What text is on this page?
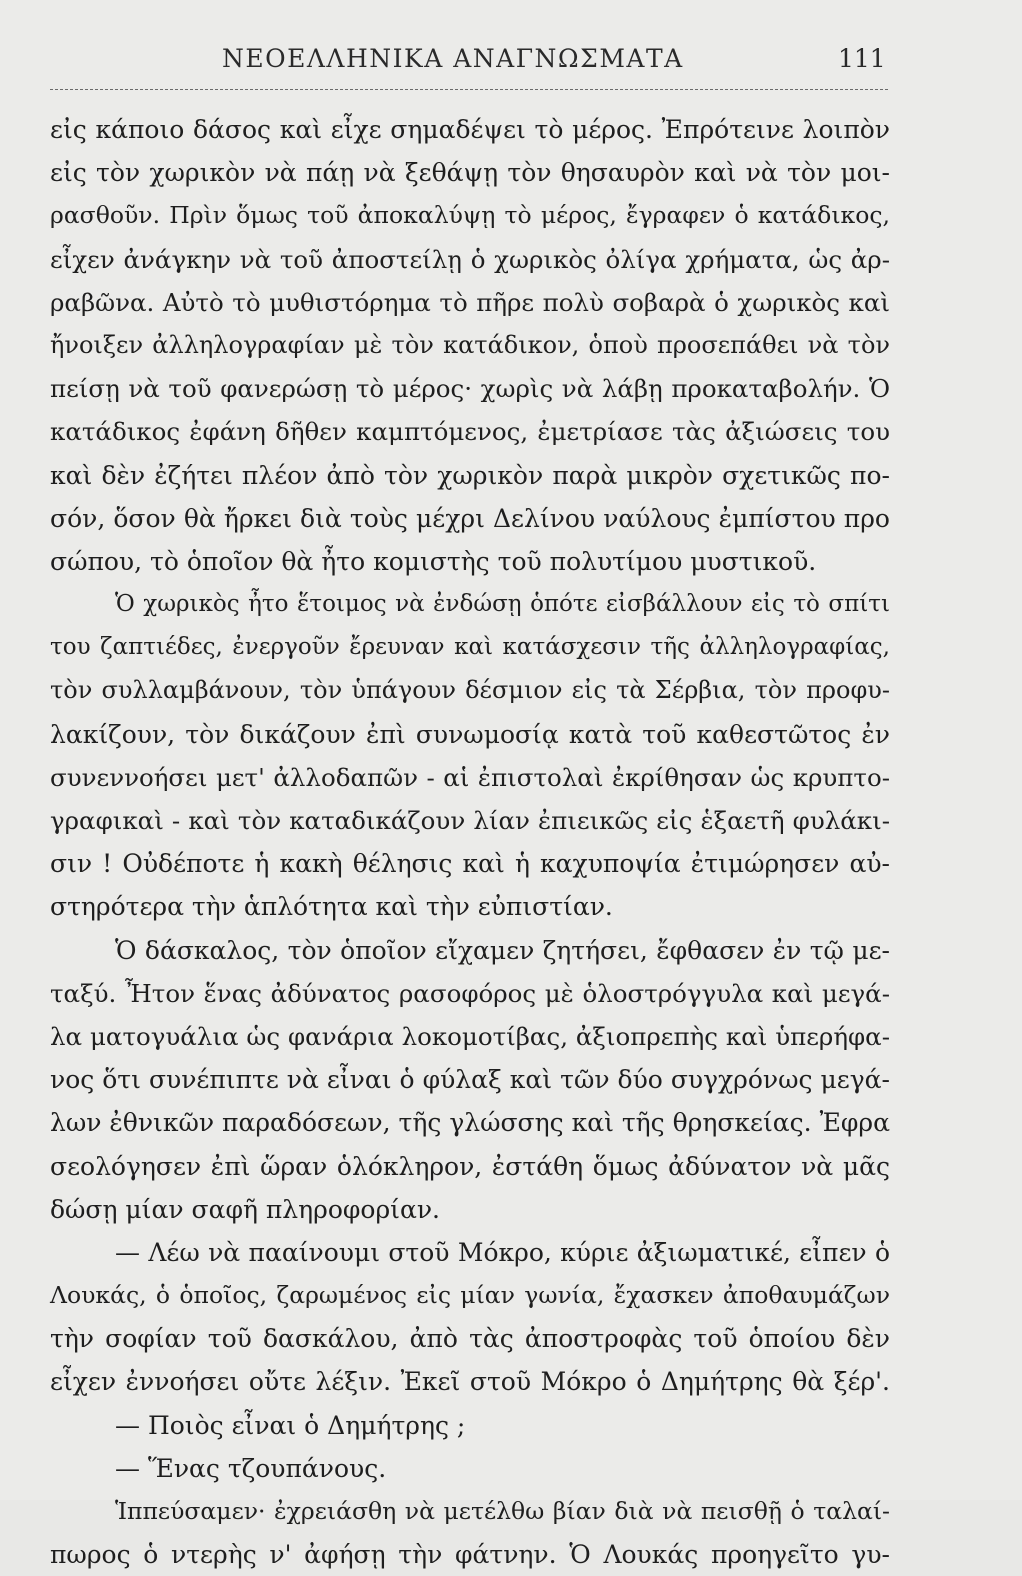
ΝΕΟΕΛΛΗΝΙΚΑ ΑΝΑΓΝΩΣΜΑΤΑ	111
εἰς κάποιο δάσος καὶ εἶχε σημαδέψει τὸ μέρος. Ἐπρότεινε λοιπὸν
εἰς τὸν χωρικὸν νὰ πάῃ νὰ ξεθάψῃ τὸν θησαυρὸν καὶ νὰ τὸν μοι-
ρασθοῦν. Πρὶν ὅμως τοῦ ἀποκαλύψῃ τὸ μέρος, ἔγραφεν ὁ κατάδικος,
εἶχεν ἀνάγκην νὰ τοῦ ἀποστείλῃ ὁ χωρικὸς ὀλίγα χρήματα, ὡς ἀρ-
ραβῶνα. Αὐτὸ τὸ μυθιστόρημα τὸ πῆρε πολὺ σοβαρὰ ὁ χωρικὸς καὶ
ἤνοιξεν ἀλληλογραφίαν μὲ τὸν κατάδικον, ὁποὺ προσεπάθει νὰ τὸν
πείσῃ νὰ τοῦ φανερώσῃ τὸ μέρος· χωρὶς νὰ λάβῃ προκαταβολήν. Ὁ
κατάδικος ἐφάνη δῆθεν καμπτόμενος, ἐμετρίασε τὰς ἀξιώσεις του
καὶ δὲν ἐζήτει πλέον ἀπὸ τὸν χωρικὸν παρὰ μικρὸν σχετικῶς πο-
σόν, ὅσον θὰ ἤρκει διὰ τοὺς μέχρι Δελίνου ναύλους ἐμπίστου προ
σώπου, τὸ ὁποῖον θὰ ἦτο κομιστὴς τοῦ πολυτίμου μυστικοῦ.
Ὁ χωρικὸς ἦτο ἕτοιμος νὰ ἐνδώσῃ ὁπότε εἰσβάλλουν εἰς τὸ σπίτι
του ζαπτιέδες, ἐνεργοῦν ἔρευναν καὶ κατάσχεσιν τῆς ἀλληλογραφίας,
τὸν συλλαμβάνουν, τὸν ὑπάγουν δέσμιον εἰς τὰ Σέρβια, τὸν προφυ-
λακίζουν, τὸν δικάζουν ἐπὶ συνωμοσίᾳ κατὰ τοῦ καθεστῶτος ἐν
συνεννοήσει μετ' ἀλλοδαπῶν - αἱ ἐπιστολαὶ ἐκρίθησαν ὡς κρυπτο-
γραφικαὶ - καὶ τὸν καταδικάζουν λίαν ἐπιεικῶς εἰς ἑξαετῆ φυλάκι-
σιν ! Οὐδέποτε ἡ κακὴ θέλησις καὶ ἡ καχυποψία ἐτιμώρησεν αὐ-
στηρότερα τὴν ἁπλότητα καὶ τὴν εὐπιστίαν.
Ὁ δάσκαλος, τὸν ὁποῖον εἴχαμεν ζητήσει, ἔφθασεν ἐν τῷ με-
ταξύ. Ἦτον ἕνας ἀδύνατος ρασοφόρος μὲ ὁλοστρόγγυλα καὶ μεγά-
λα ματογυάλια ὡς φανάρια λοκομοτίβας, ἀξιοπρεπὴς καὶ ὑπερήφα-
νος ὅτι συνέπιπτε νὰ εἶναι ὁ φύλαξ καὶ τῶν δύο συγχρόνως μεγά-
λων ἐθνικῶν παραδόσεων, τῆς γλώσσης καὶ τῆς θρησκείας. Ἐφρα
σεολόγησεν ἐπὶ ὥραν ὁλόκληρον, ἐστάθη ὅμως ἀδύνατον νὰ μᾶς
δώσῃ μίαν σαφῆ πληροφορίαν.
— Λέω νὰ πααίνουμι στοῦ Μόκρο, κύριε ἀξιωματικέ, εἶπεν ὁ
Λουκάς, ὁ ὁποῖος, ζαρωμένος εἰς μίαν γωνία, ἔχασκεν ἀποθαυμάζων
τὴν σοφίαν τοῦ δασκάλου, ἀπὸ τὰς ἀποστροφὰς τοῦ ὁποίου δὲν
εἶχεν ἐννοήσει οὔτε λέξιν. Ἐκεῖ στοῦ Μόκρο ὁ Δημήτρης θὰ ξέρ'.
— Ποιὸς εἶναι ὁ Δημήτρης ;
— Ἕνας τζουπάνους.
Ἱππεύσαμεν· ἐχρειάσθη νὰ μετέλθω βίαν διὰ νὰ πεισθῇ ὁ ταλαί-
πωρος ὁ ντερὴς ν' ἀφήσῃ τὴν φάτνην. Ὁ Λουκάς προηγεῖτο γυ-
